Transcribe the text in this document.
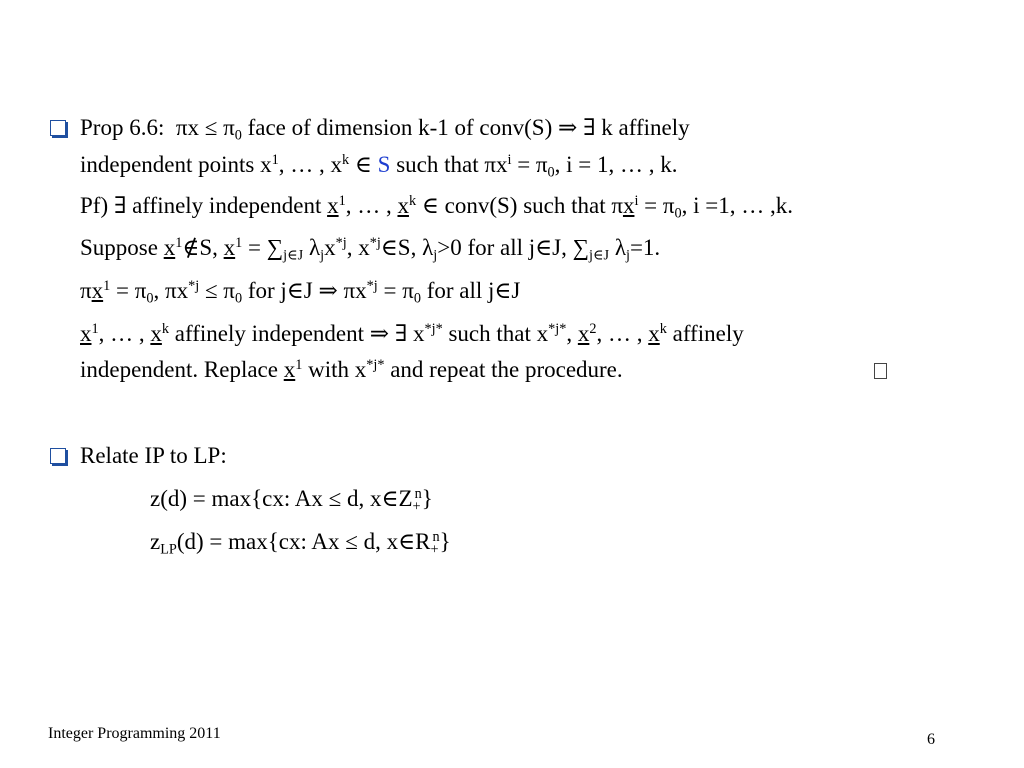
Prop 6.6: $\pi x \le \pi_0$ face of dimension k-1 of conv(S) ⇒ ∃ k affinely
independent points $x^1$, … , $x^k$ ∈ S such that $\pi x^i = \pi_0$, i = 1, … , k.
Pf) ∃ affinely independent $x^1$, … , $x^k$ ∈ conv(S) such that $\pi x^i = \pi_0$, i =1, … ,k.
Suppose $x^1\notin S$, $x^1 = \sum_{j\in J}$ $\lambda_jx^{*j}$, $x^{*j}\in S$, $\lambda_j>0$ for all j∈J, $\sum_{j\in J}$ $\lambda_j=1$.
$\pi x^1 = \pi_0$, $\pi x^{*j} \le \pi_0$ for j∈J ⇒ $\pi x^{*j} = \pi_0$ for all j∈J
$x^1$, … , $x^k$ affinely independent ⇒ ∃ $x^{*j*}$ such that $x^{*j*}$, $x^2$, … , $x^k$ affinely
independent. Replace $x^1$ with $x^{*j*}$ and repeat the procedure.
Relate IP to LP:
z(d) = max{cx: Ax ≤ d, $x\in Z_+^n$}
$z_{LP}(d) = \max\{cx$: Ax ≤ d, $x\in R_+^n$}
Integer Programming 2011	6
